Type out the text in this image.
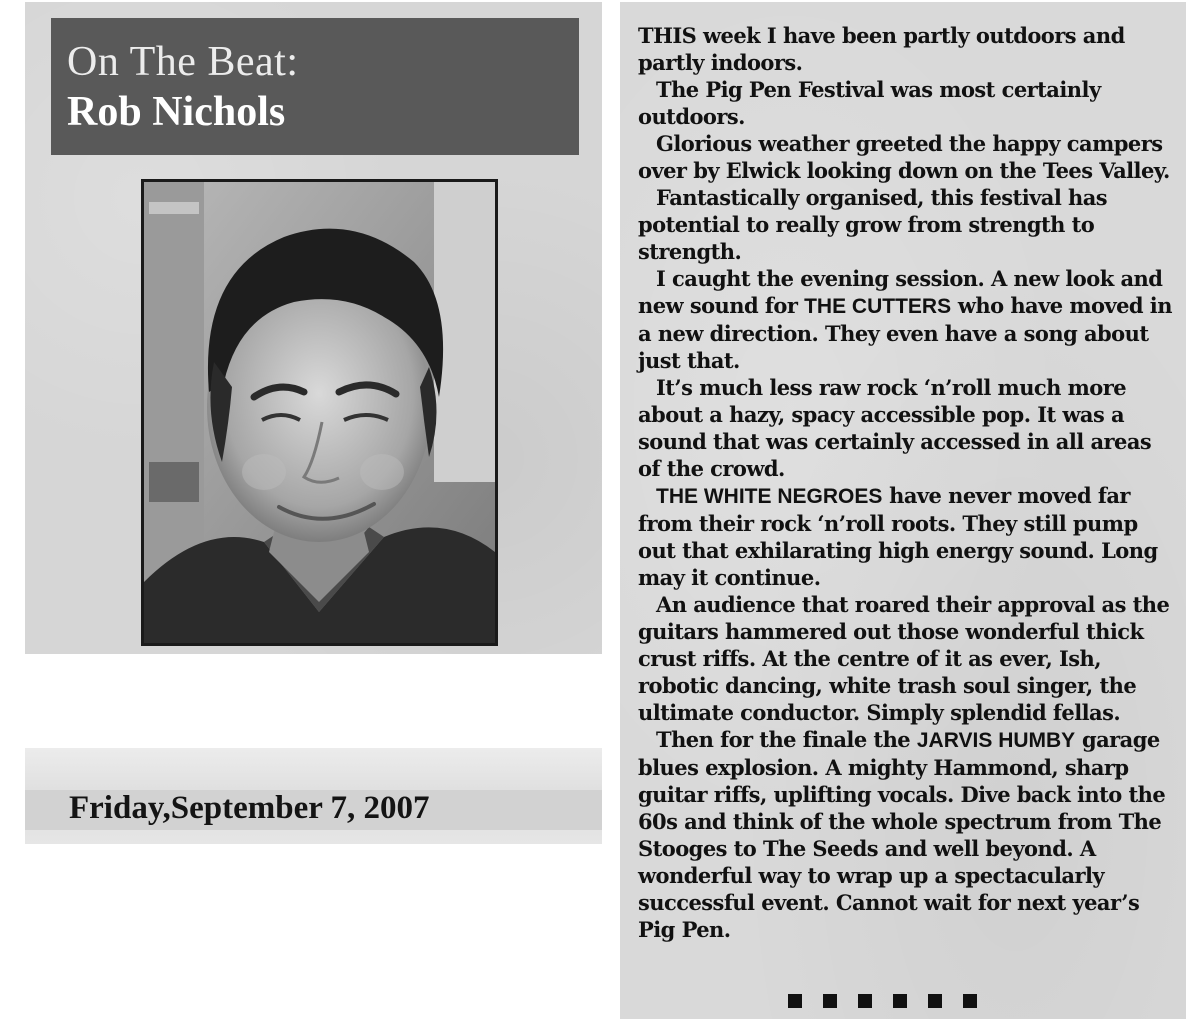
On The Beat:
Rob Nichols
Friday,September 7, 2007

THIS week I have been partly outdoors and partly indoors.

The Pig Pen Festival was most certainly outdoors.

Glorious weather greeted the happy campers over by Elwick looking down on the Tees Valley.

Fantastically organised, this festival has potential to really grow from strength to strength.

I caught the evening session. A new look and new sound for THE CUTTERS who have moved in a new direction. They even have a song about just that.

It’s much less raw rock ‘n’roll much more about a hazy, spacy accessible pop. It was a sound that was certainly accessed in all areas of the crowd.

THE WHITE NEGROES have never moved far from their rock ‘n’roll roots. They still pump out that exhilarating high energy sound. Long may it continue.

An audience that roared their approval as the guitars hammered out those wonderful thick crust riffs. At the centre of it as ever, Ish, robotic dancing, white trash soul singer, the ultimate conductor. Simply splendid fellas.

Then for the finale the JARVIS HUMBY garage blues explosion. A mighty Hammond, sharp guitar riffs, uplifting vocals. Dive back into the 60s and think of the whole spectrum from The Stooges to The Seeds and well beyond. A wonderful way to wrap up a spectacularly successful event. Cannot wait for next year’s Pig Pen.
